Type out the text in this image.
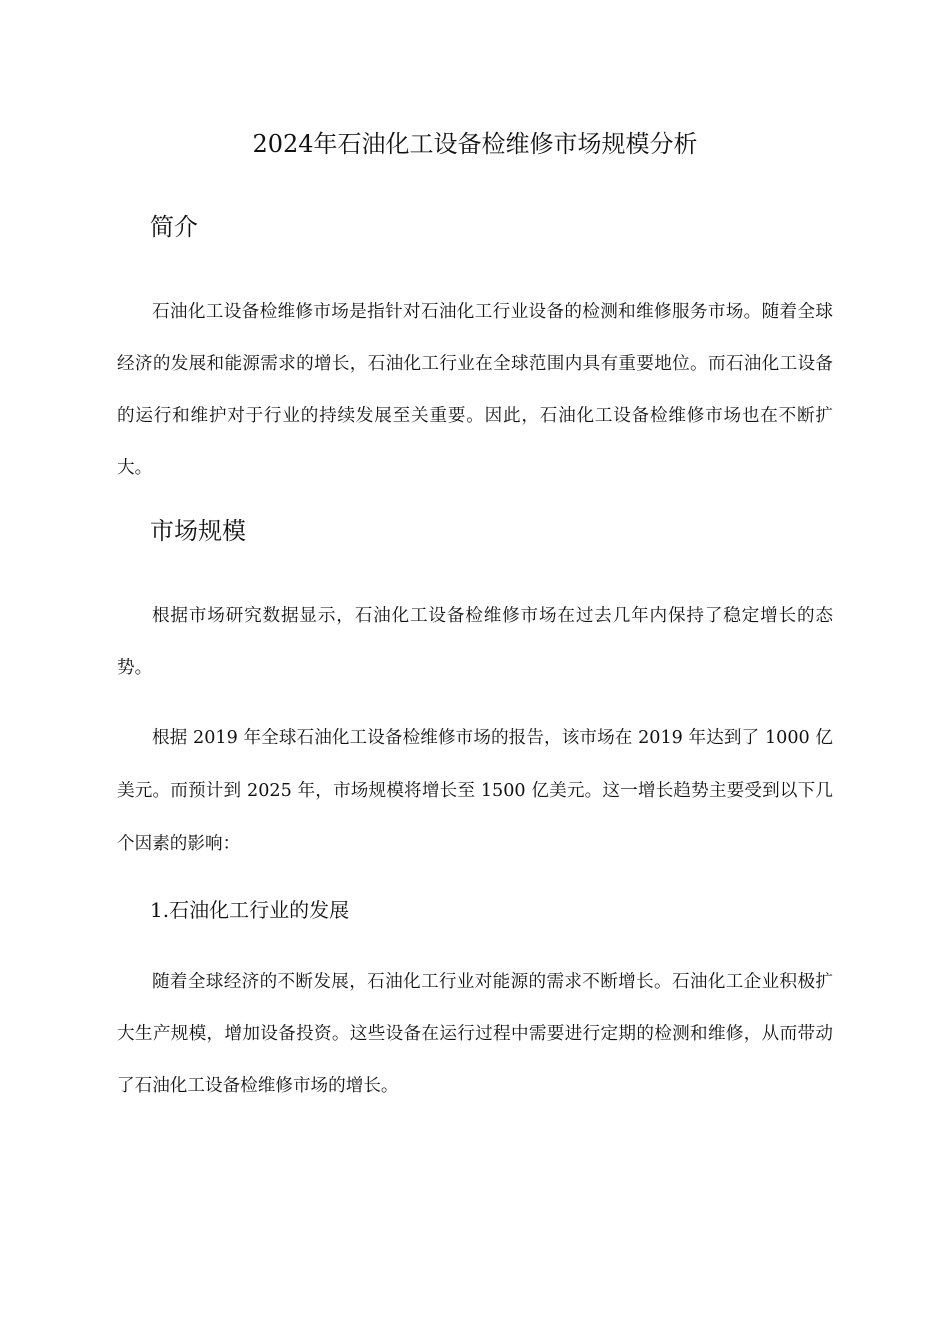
2024年石油化工设备检维修市场规模分析
简介

石油化工设备检维修市场是指针对石油化工行业设备的检测和维修服务市场。随着全球经济的发展和能源需求的增长，石油化工行业在全球范围内具有重要地位。而石油化工设备的运行和维护对于行业的持续发展至关重要。因此，石油化工设备检维修市场也在不断扩大。

市场规模

根据市场研究数据显示，石油化工设备检维修市场在过去几年内保持了稳定增长的态势。

根据 2019 年全球石油化工设备检维修市场的报告，该市场在 2019 年达到了 1000 亿美元。而预计到 2025 年，市场规模将增长至 1500 亿美元。这一增长趋势主要受到以下几个因素的影响：

1.石油化工行业的发展

随着全球经济的不断发展，石油化工行业对能源的需求不断增长。石油化工企业积极扩大生产规模，增加设备投资。这些设备在运行过程中需要进行定期的检测和维修，从而带动了石油化工设备检维修市场的增长。
